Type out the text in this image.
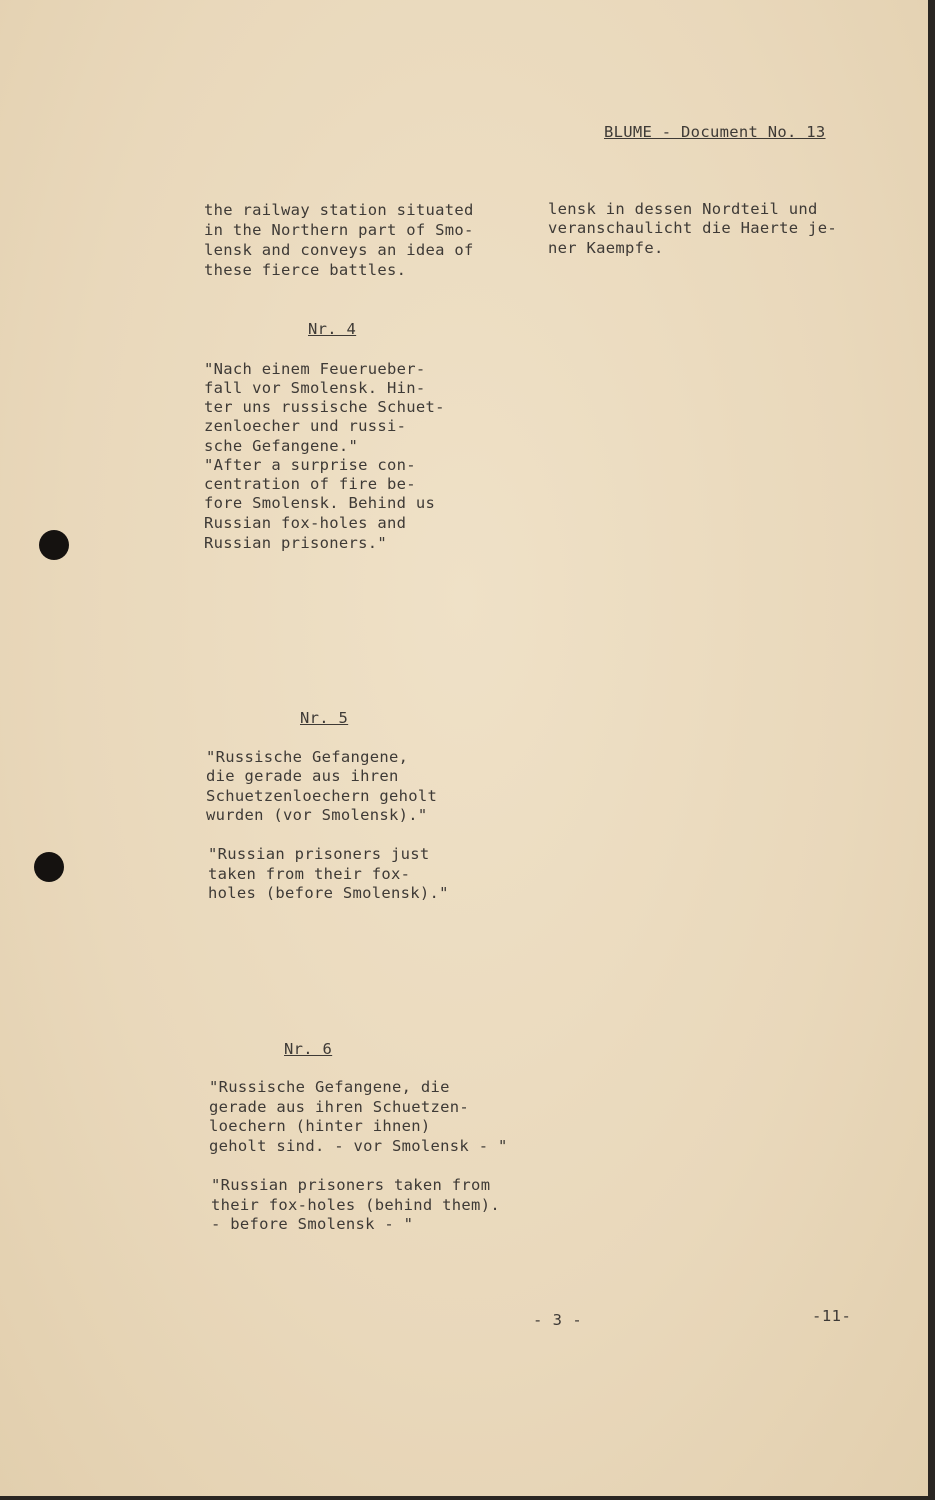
BLUME - Document No. 13
the railway station situated
in the Northern part of Smo-
lensk and conveys an idea of
these fierce battles.
lensk in dessen Nordteil und
veranschaulicht die Haerte je-
ner Kaempfe.
Nr. 4
"Nach einem Feuerueber-
fall vor Smolensk. Hin-
ter uns russische Schuet-
zenloecher und russi-
sche Gefangene."
"After a surprise con-
centration of fire be-
fore Smolensk. Behind us
Russian fox-holes and
Russian prisoners."
Nr. 5
"Russische Gefangene,
die gerade aus ihren
Schuetzenloechern geholt
wurden (vor Smolensk)."
"Russian prisoners just
taken from their fox-
holes (before Smolensk)."
Nr. 6
"Russische Gefangene, die
gerade aus ihren Schuetzen-
loechern (hinter ihnen)
geholt sind. - vor Smolensk - "
"Russian prisoners taken from
their fox-holes (behind them).
- before Smolensk - "
- 3 -	-11-
